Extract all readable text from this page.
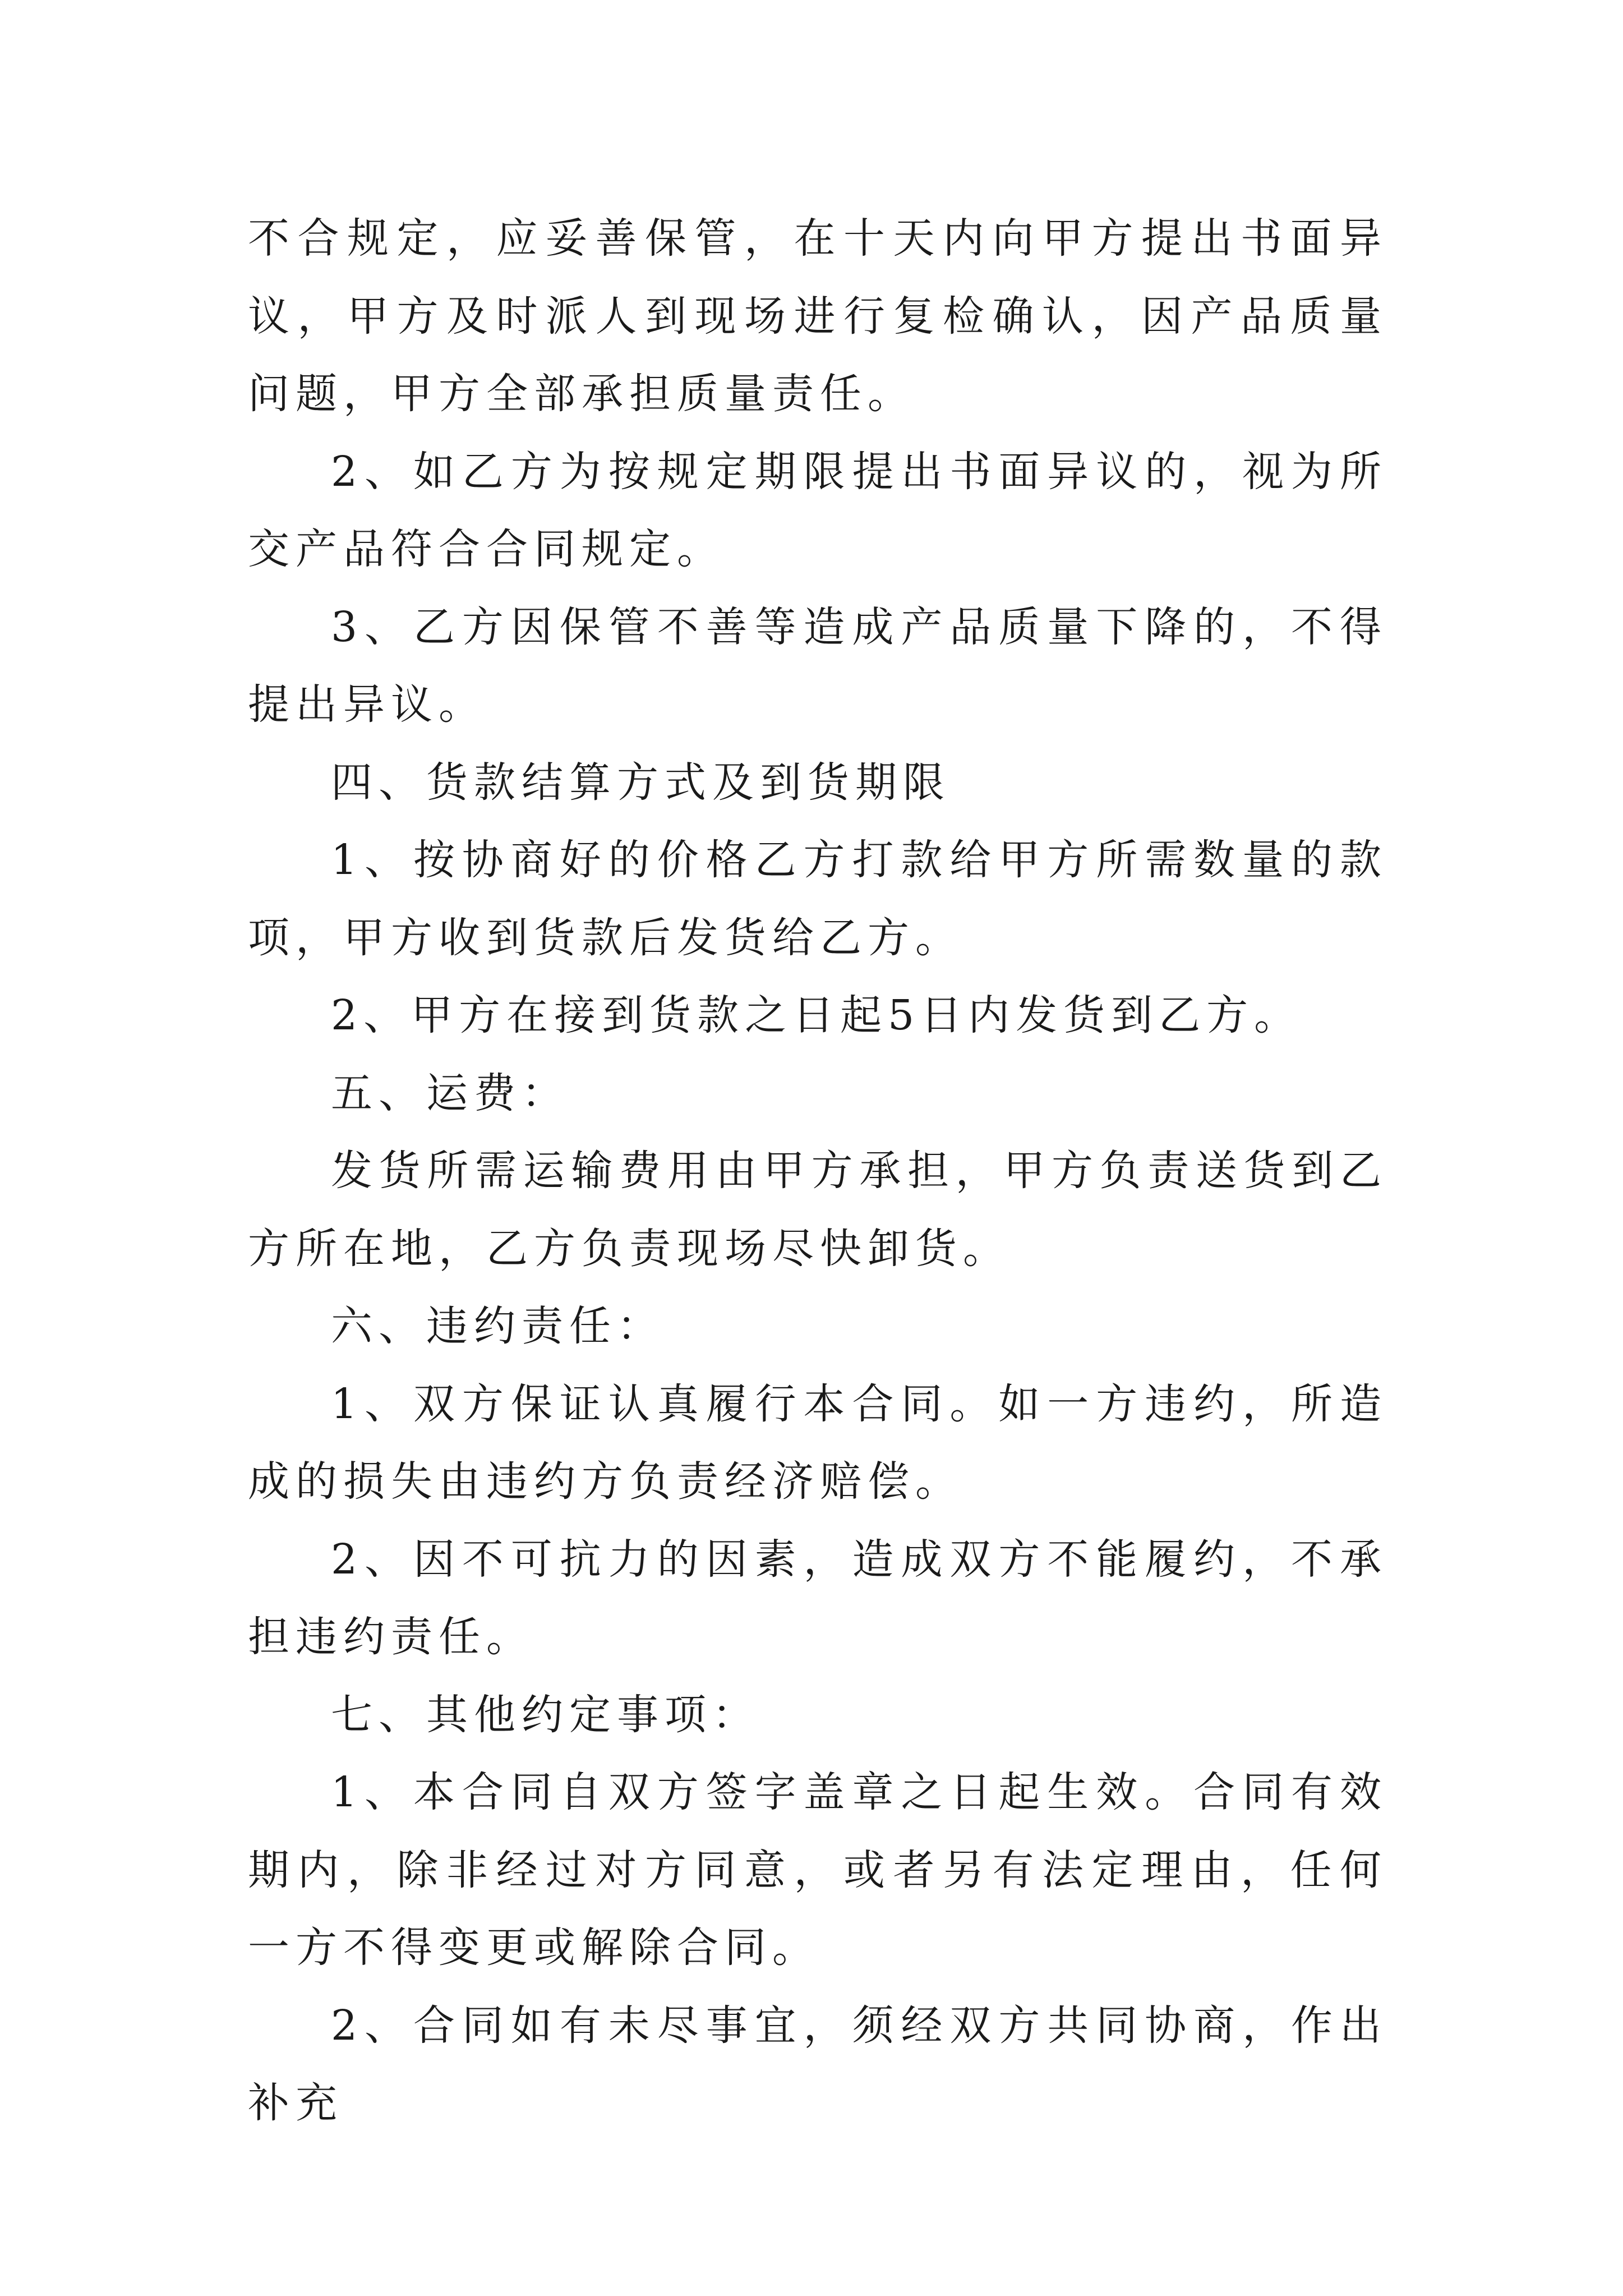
不合规定，应妥善保管，在十天内向甲方提出书面异议，甲方及时派人到现场进行复检确认，因产品质量问题，甲方全部承担质量责任。

2、如乙方为按规定期限提出书面异议的，视为所交产品符合合同规定。

3、乙方因保管不善等造成产品质量下降的，不得提出异议。

四、货款结算方式及到货期限

1、按协商好的价格乙方打款给甲方所需数量的款项，甲方收到货款后发货给乙方。

2、甲方在接到货款之日起5日内发货到乙方。

五、运费：

发货所需运输费用由甲方承担，甲方负责送货到乙方所在地，乙方负责现场尽快卸货。

六、违约责任：

1、双方保证认真履行本合同。如一方违约，所造成的损失由违约方负责经济赔偿。

2、因不可抗力的因素，造成双方不能履约，不承担违约责任。

七、其他约定事项：

1、本合同自双方签字盖章之日起生效。合同有效期内，除非经过对方同意，或者另有法定理由，任何一方不得变更或解除合同。

2、合同如有未尽事宜，须经双方共同协商，作出补充
